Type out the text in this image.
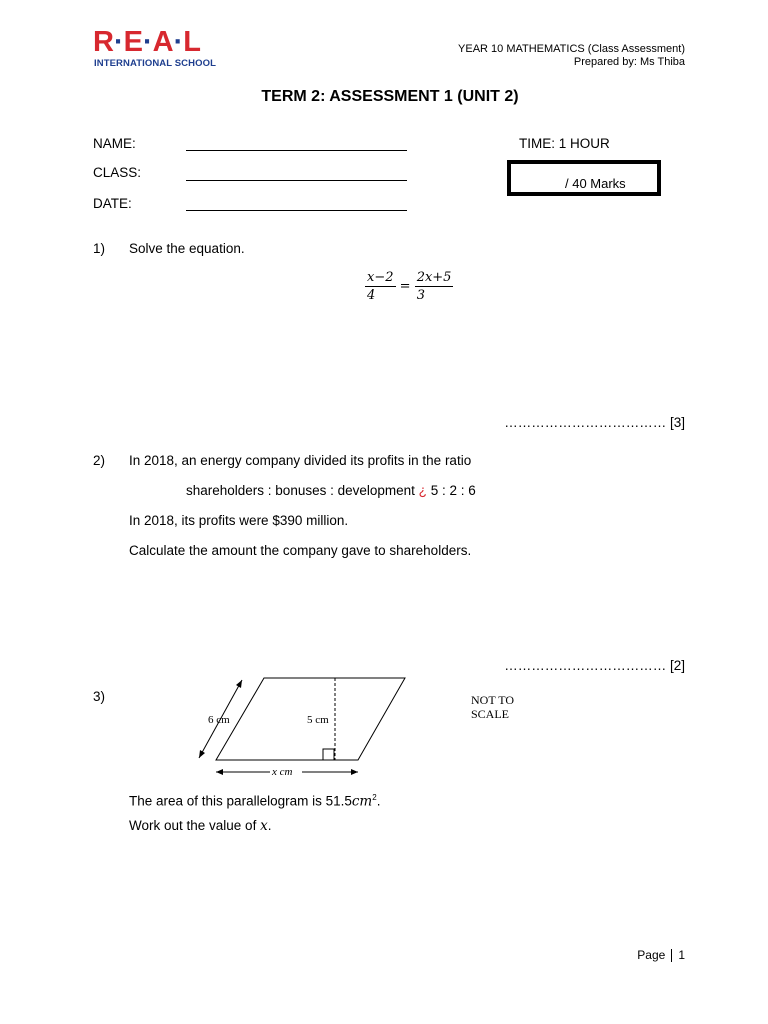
R·E·A·L
INTERNATIONAL SCHOOL
YEAR 10 MATHEMATICS (Class Assessment)
Prepared by: Ms Thiba
TERM 2: ASSESSMENT 1 (UNIT 2)
NAME:
CLASS:
DATE:
TIME: 1 HOUR
/ 40 Marks
1) Solve the equation.
$\frac{x-2}{4} = \frac{2x+5}{3}$
……………………………… [3]
2) In 2018, an energy company divided its profits in the ratio
shareholders : bonuses : development ¿ 5 : 2 : 6
In 2018, its profits were $390 million.
Calculate the amount the company gave to shareholders.
……………………………… [2]
3)
6 cm	5 cm
x cm
NOT TO
SCALE
The area of this parallelogram is $51.5cm^2$.
Work out the value of x.
Page 1
